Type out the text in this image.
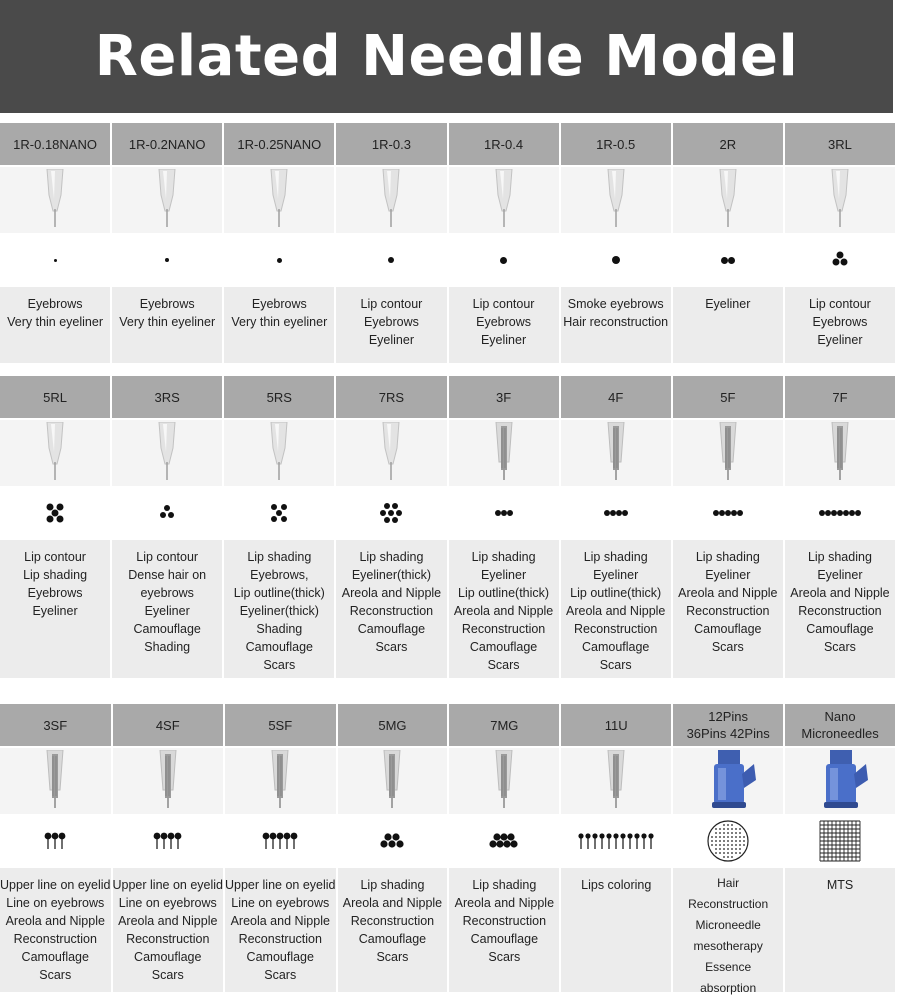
Related Needle Model
1R-0.18NANO
Eyebrows
Very thin eyeliner
1R-0.2NANO
Eyebrows
Very thin eyeliner
1R-0.25NANO
Eyebrows
Very thin eyeliner
1R-0.3
Lip contour
Eyebrows
Eyeliner
1R-0.4
Lip contour
Eyebrows
Eyeliner
1R-0.5
Smoke eyebrows
Hair reconstruction
2R
Eyeliner
3RL
Lip contour
Eyebrows
Eyeliner
5RL
Lip contour
Lip shading
Eyebrows
Eyeliner
3RS
Lip contour
Dense hair on
eyebrows
Eyeliner
Camouflage
Shading
5RS
Lip shading
Eyebrows,
Lip outline(thick)
Eyeliner(thick)
Shading
Camouflage
Scars
7RS
Lip shading
Eyeliner(thick)
Areola and Nipple
Reconstruction
Camouflage
Scars
3F
Lip shading
Eyeliner
Lip outline(thick)
Areola and Nipple
Reconstruction
Camouflage
Scars
4F
Lip shading
Eyeliner
Lip outline(thick)
Areola and Nipple
Reconstruction
Camouflage
Scars
5F
Lip shading
Eyeliner
Areola and Nipple
Reconstruction
Camouflage
Scars
7F
Lip shading
Eyeliner
Areola and Nipple
Reconstruction
Camouflage
Scars
3SF
Upper line on eyelid
Line on eyebrows
Areola and Nipple
Reconstruction
Camouflage
Scars
4SF
Upper line on eyelid
Line on eyebrows
Areola and Nipple
Reconstruction
Camouflage
Scars
5SF
Upper line on eyelid
Line on eyebrows
Areola and Nipple
Reconstruction
Camouflage
Scars
5MG
Lip shading
Areola and Nipple
Reconstruction
Camouflage
Scars
7MG
Lip shading
Areola and Nipple
Reconstruction
Camouflage
Scars
11U
Lips coloring
12Pins
36Pins 42Pins
Hair
Reconstruction
Microneedle
mesotherapy
Essence
absorption
Nano
Microneedles
MTS
